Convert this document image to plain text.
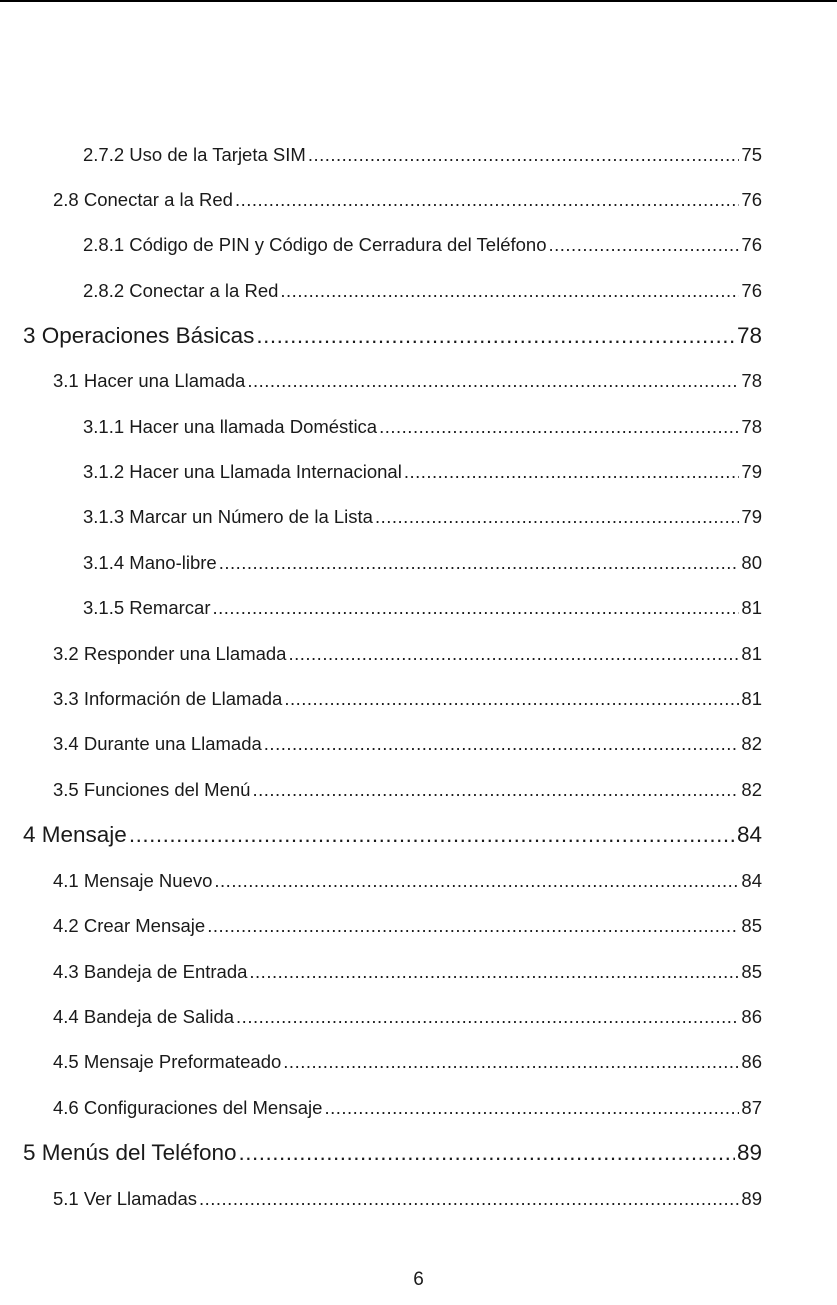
2.7.2 Uso de la Tarjeta SIM .....	75
2.8 Conectar a la Red .....	76
2.8.1 Código de PIN y Código de Cerradura del Teléfono .....	76
2.8.2 Conectar a la Red .....	76
3 Operaciones Básicas .....	78
3.1 Hacer una Llamada .....	78
3.1.1 Hacer una llamada Doméstica .....	78
3.1.2 Hacer una Llamada Internacional .....	79
3.1.3 Marcar un Número de la Lista .....	79
3.1.4 Mano-libre .....	80
3.1.5 Remarcar .....	81
3.2 Responder una Llamada .....	81
3.3 Información de Llamada .....	81
3.4 Durante una Llamada .....	82
3.5 Funciones del Menú .....	82
4 Mensaje .....	84
4.1 Mensaje Nuevo .....	84
4.2 Crear Mensaje .....	85
4.3 Bandeja de Entrada .....	85
4.4 Bandeja de Salida .....	86
4.5 Mensaje Preformateado .....	86
4.6 Configuraciones del Mensaje .....	87
5 Menús del Teléfono .....	89
5.1 Ver Llamadas .....	89
6
